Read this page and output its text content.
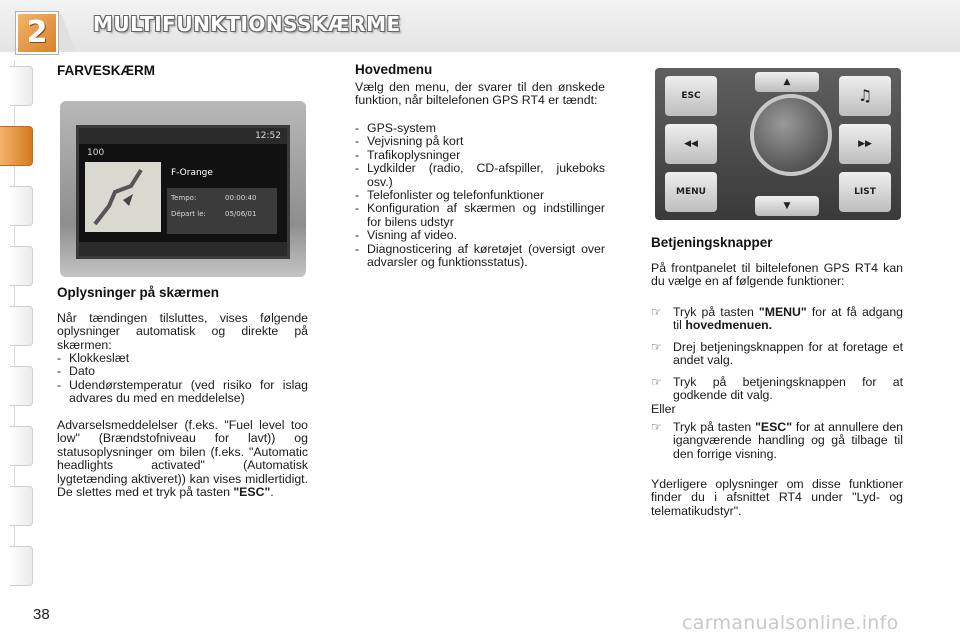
2	MULTIFUNKTIONSSKÆRME
FARVESKÆRM
12:52
100
F-Orange
Tempo:	00:00:40
Départ le:	05/06/01
Oplysninger på skærmen

Når tændingen tilsluttes, vises følgende oplysninger automatisk og direkte på skærmen:

- Klokkeslæt
- Dato
- Udendørstemperatur (ved risiko for islag advares du med en meddelelse)

Advarselsmeddelelser (f.eks. "Fuel level too low" (Brændstofniveau for lavt)) og statusoplysninger om bilen (f.eks. "Automatic headlights activated" (Automatisk lygtetænding aktiveret)) kan vises midlertidigt. De slettes med et tryk på tasten "ESC".

Hovedmenu

Vælg den menu, der svarer til den ønskede funktion, når biltelefonen GPS RT4 er tændt:

- GPS-system
- Vejvisning på kort
- Trafikoplysninger
- Lydkilder (radio, CD-afspiller, jukeboks osv.)
- Telefonlister og telefonfunktioner
- Konfiguration af skærmen og indstillinger for bilens udstyr
- Visning af video.
- Diagnosticering af køretøjet (oversigt over advarsler og funktionsstatus).
ESC
◀◀
MENU
♫
▶▶
LIST
▲
▼
Betjeningsknapper

På frontpanelet til biltelefonen GPS RT4 kan du vælge en af følgende funktioner:

☞ Tryk på tasten "MENU" for at få adgang til hovedmenuen.
☞ Drej betjeningsknappen for at foretage et andet valg.
☞ Tryk på betjeningsknappen for at godkende dit valg.
Eller
☞ Tryk på tasten "ESC" for at annullere den igangværende handling og gå tilbage til den forrige visning.

Yderligere oplysninger om disse funktioner finder du i afsnittet RT4 under "Lyd- og telematikudstyr".

38	carmanualsonline.info
